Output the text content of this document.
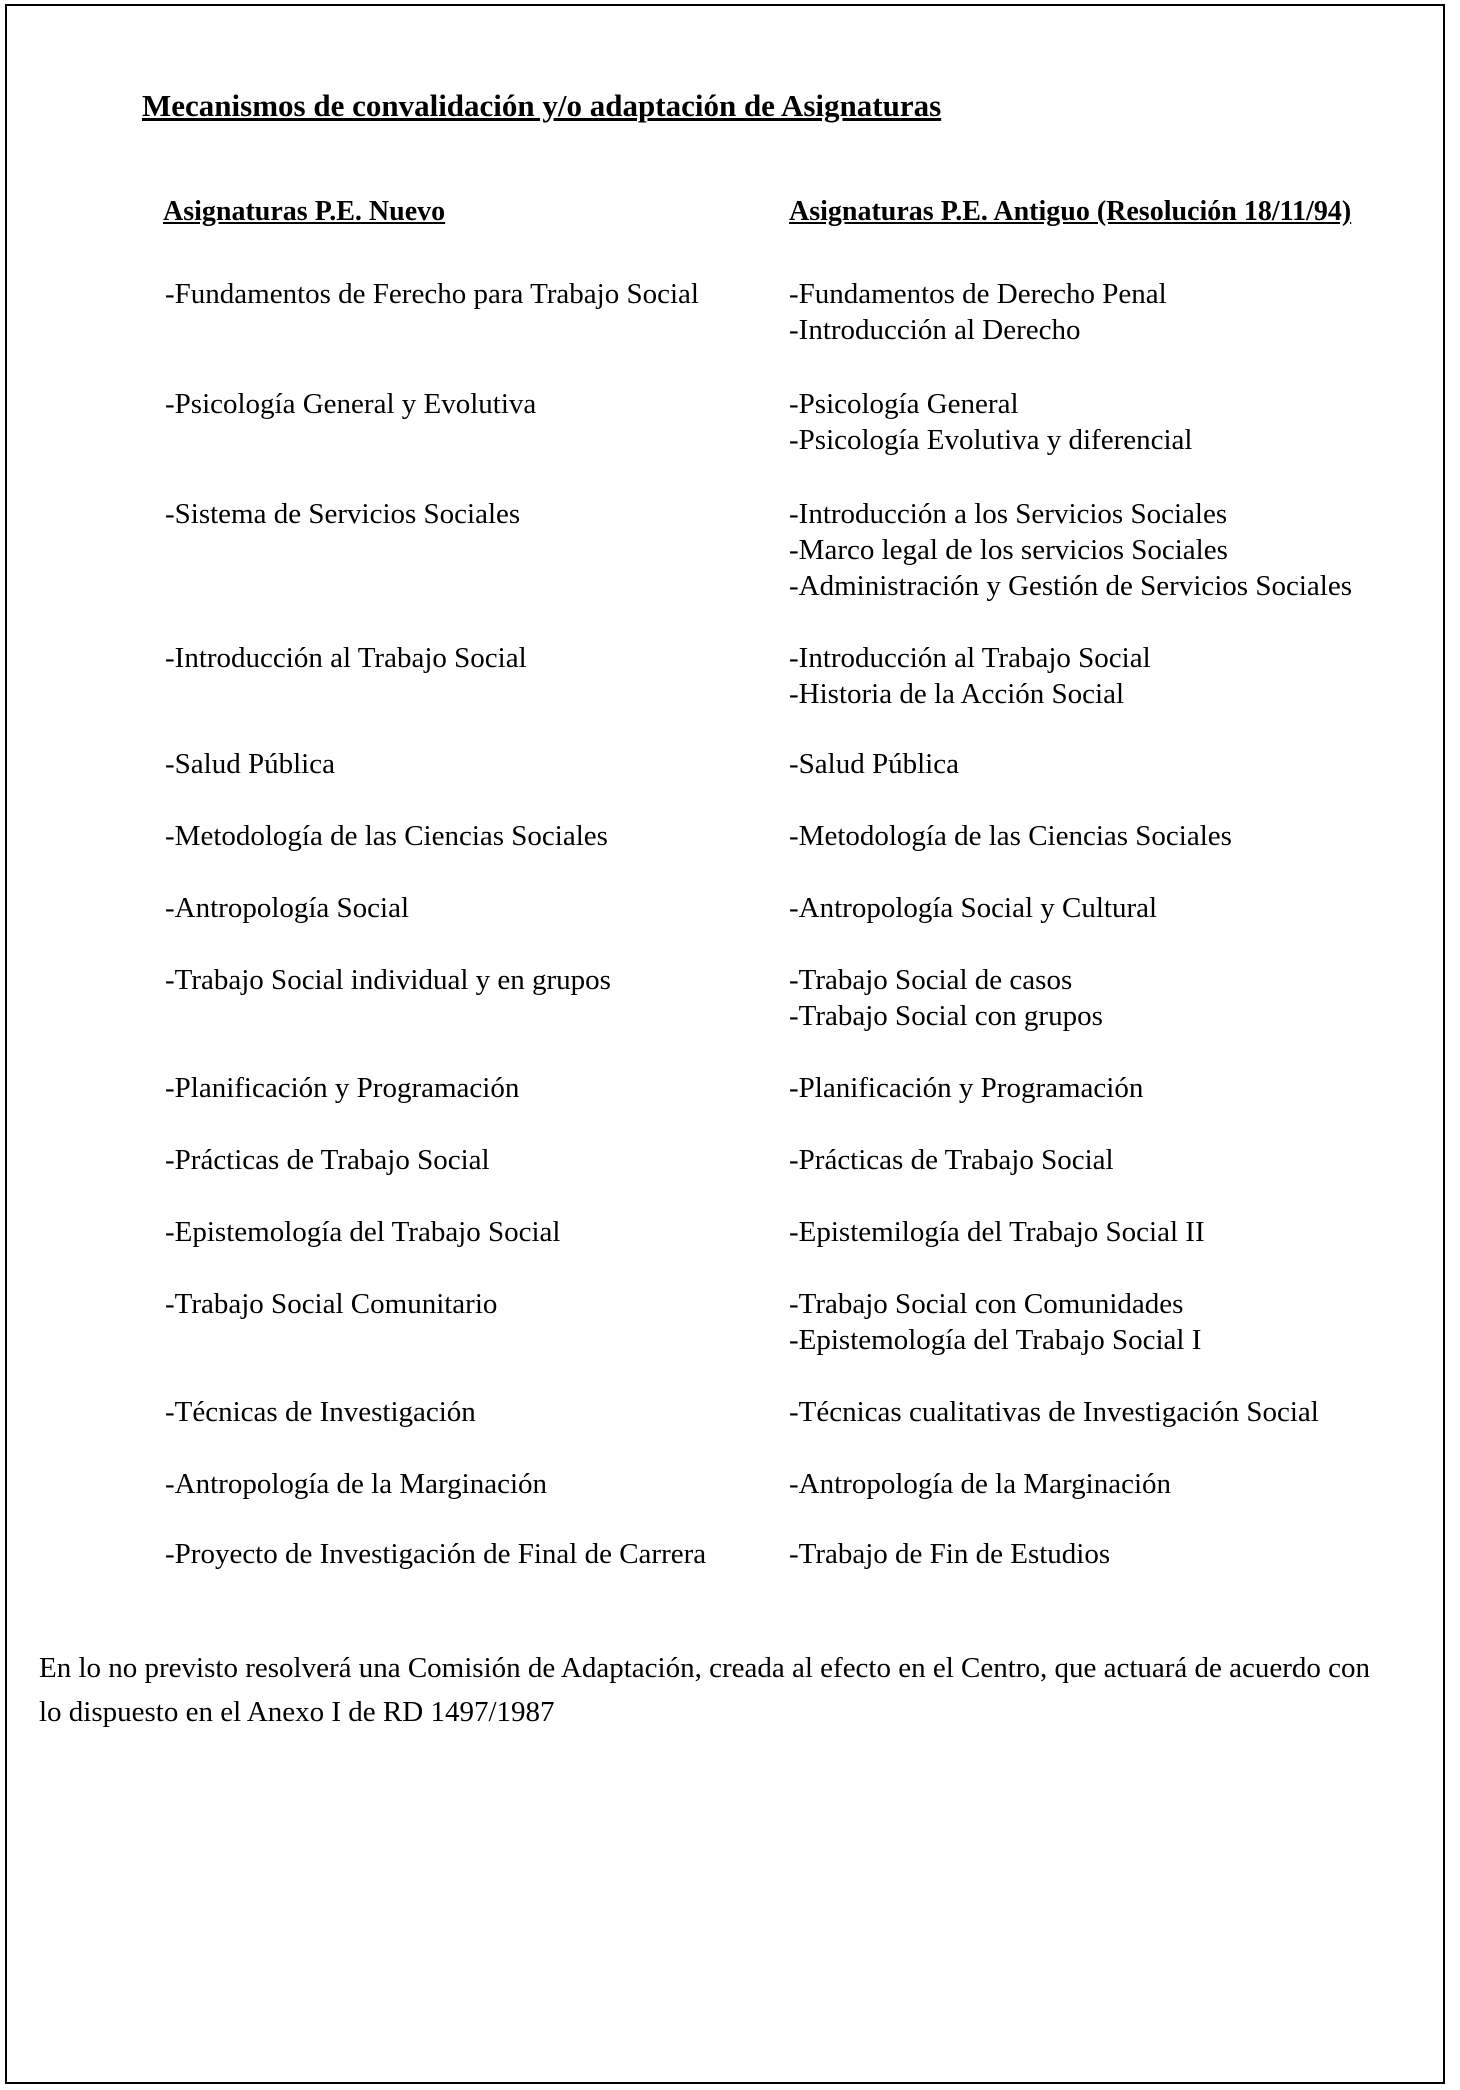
Mecanismos de convalidación y/o adaptación de Asignaturas
Asignaturas P.E. Nuevo	Asignaturas P.E. Antiguo (Resolución 18/11/94)
-Fundamentos de Ferecho para Trabajo Social	-Fundamentos de Derecho Penal
-Introducción al Derecho
-Psicología General y Evolutiva	-Psicología General
-Psicología Evolutiva y diferencial
-Sistema de Servicios Sociales	-Introducción a los Servicios Sociales
-Marco legal de los servicios Sociales
-Administración y Gestión de Servicios Sociales
-Introducción al Trabajo Social	-Introducción al Trabajo Social
-Historia de la Acción Social
-Salud Pública	-Salud Pública
-Metodología de las Ciencias Sociales	-Metodología de las Ciencias Sociales
-Antropología Social	-Antropología Social y Cultural
-Trabajo Social individual y en grupos	-Trabajo Social de casos
-Trabajo Social con grupos
-Planificación y Programación	-Planificación y Programación
-Prácticas de Trabajo Social	-Prácticas de Trabajo Social
-Epistemología del Trabajo Social	-Epistemilogía del Trabajo Social II
-Trabajo Social Comunitario	-Trabajo Social con Comunidades
-Epistemología del Trabajo Social I
-Técnicas de Investigación	-Técnicas cualitativas de Investigación Social
-Antropología de la Marginación	-Antropología de la Marginación
-Proyecto de Investigación de Final de Carrera	-Trabajo de Fin de Estudios
En lo no previsto resolverá una Comisión de Adaptación, creada al efecto en el Centro, que actuará de acuerdo con lo dispuesto en el Anexo I de RD 1497/1987
